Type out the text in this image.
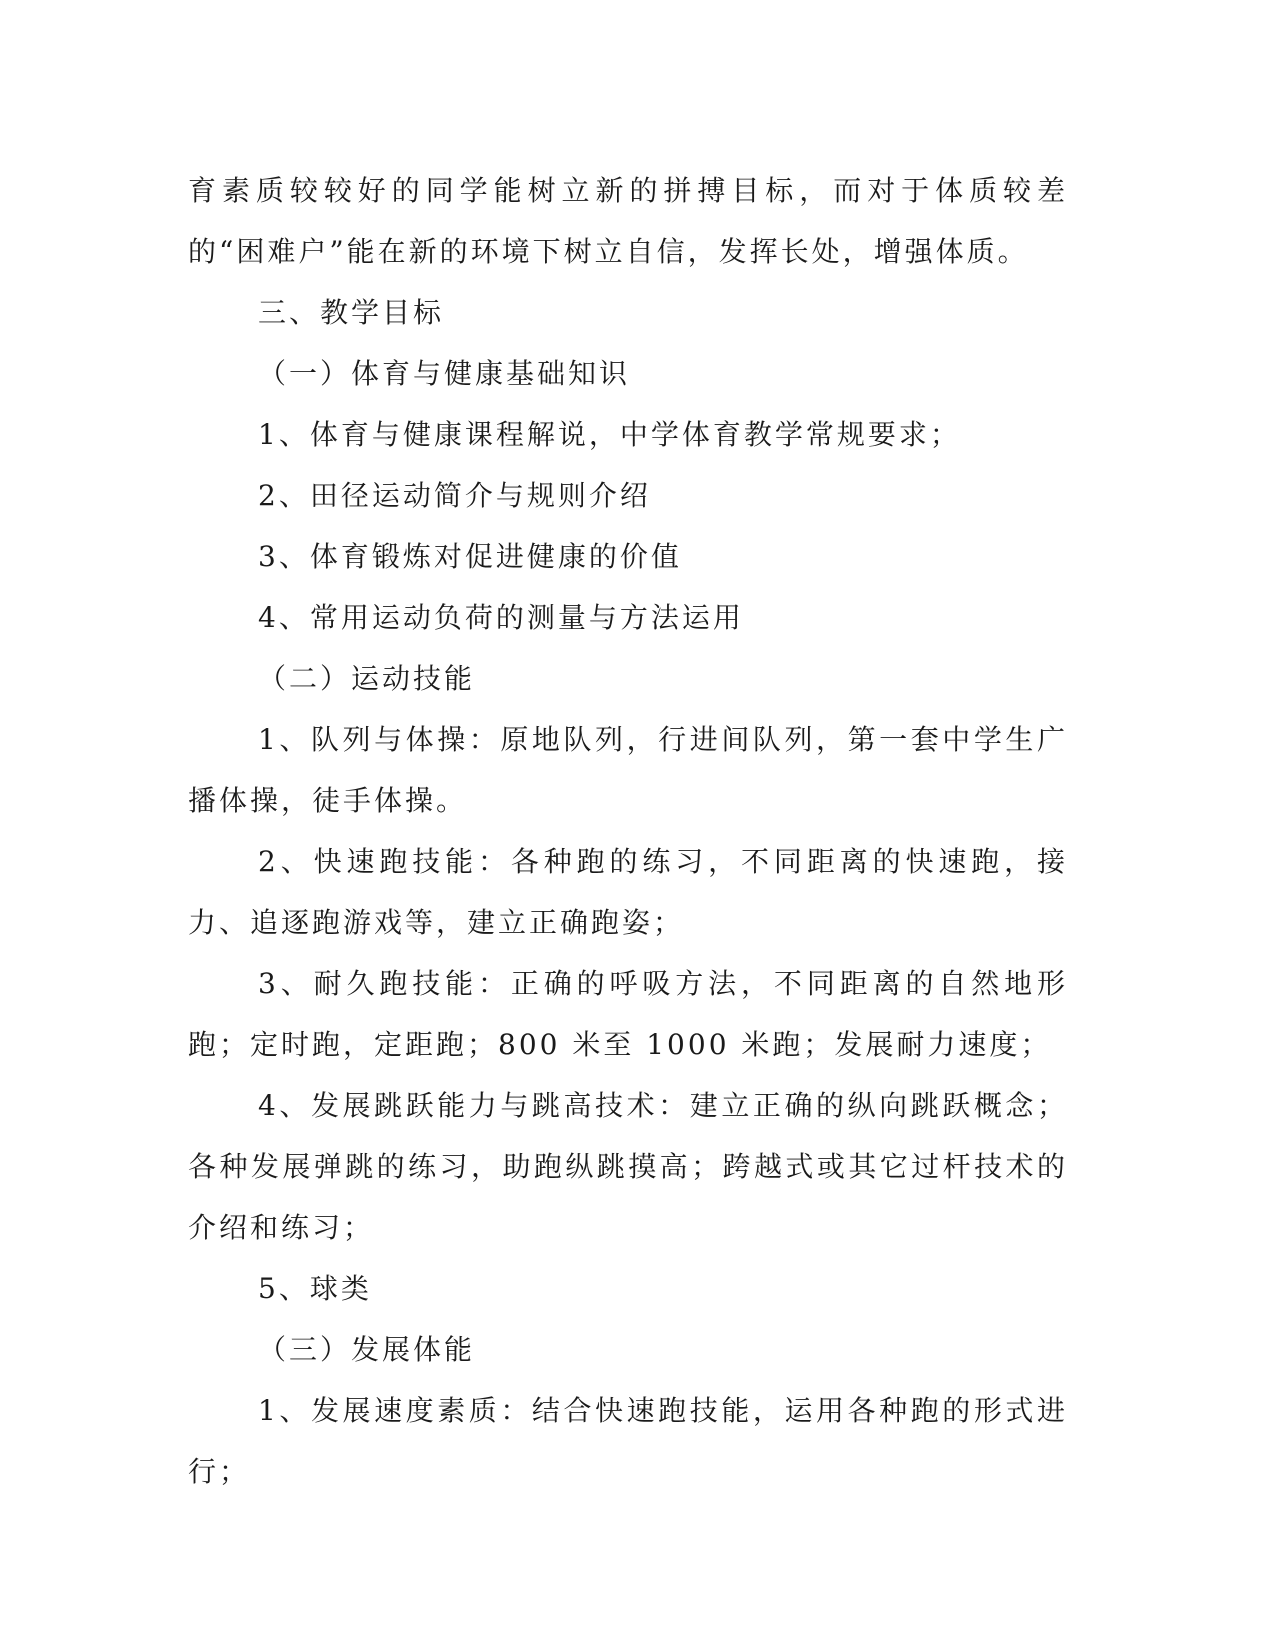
育素质较较好的同学能树立新的拼搏目标，而对于体质较差的“困难户”能在新的环境下树立自信，发挥长处，增强体质。

三、教学目标

（一）体育与健康基础知识

1、体育与健康课程解说，中学体育教学常规要求；

2、田径运动简介与规则介绍

3、体育锻炼对促进健康的价值

4、常用运动负荷的测量与方法运用

（二）运动技能

1、队列与体操：原地队列，行进间队列，第一套中学生广播体操，徒手体操。

2、快速跑技能：各种跑的练习，不同距离的快速跑，接力、追逐跑游戏等，建立正确跑姿；

3、耐久跑技能：正确的呼吸方法，不同距离的自然地形跑；定时跑，定距跑；800 米至 1000 米跑；发展耐力速度；

4、发展跳跃能力与跳高技术：建立正确的纵向跳跃概念；各种发展弹跳的练习，助跑纵跳摸高；跨越式或其它过杆技术的介绍和练习；

5、球类

（三）发展体能

1、发展速度素质：结合快速跑技能，运用各种跑的形式进行；
